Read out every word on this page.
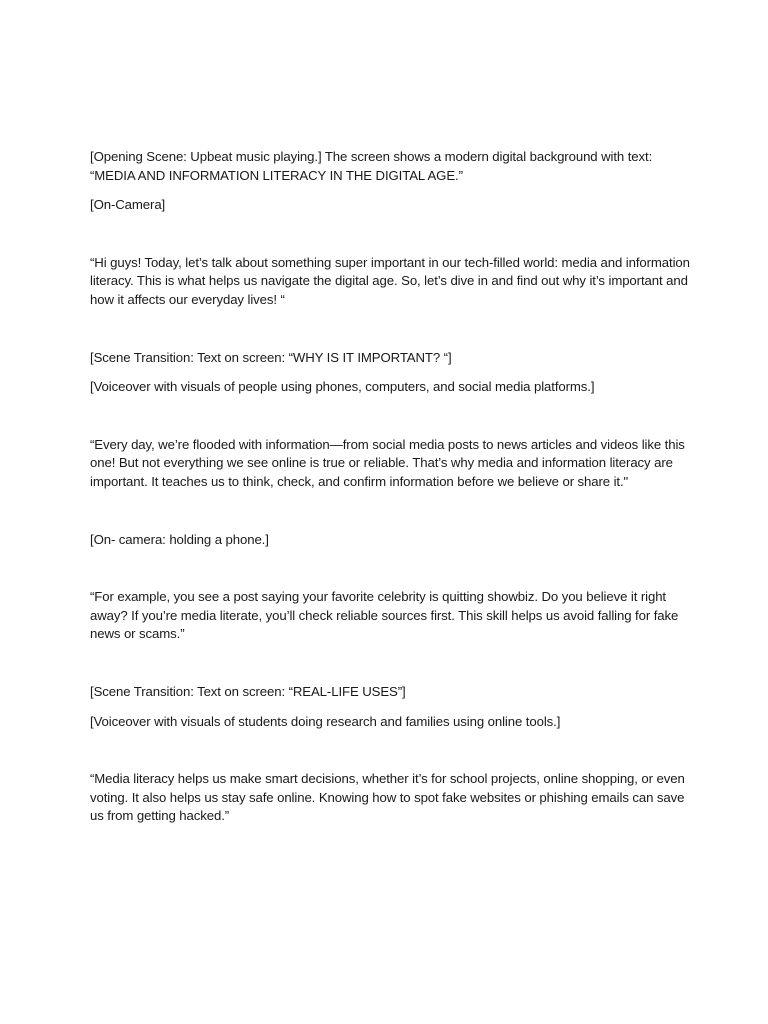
[Opening Scene: Upbeat music playing.] The screen shows a modern digital background with text: “MEDIA AND INFORMATION LITERACY IN THE DIGITAL AGE.”

[On-Camera]

“Hi guys! Today, let’s talk about something super important in our tech-filled world: media and information literacy. This is what helps us navigate the digital age. So, let’s dive in and find out why it’s important and how it affects our everyday lives! “

[Scene Transition: Text on screen: “WHY IS IT IMPORTANT? “]

[Voiceover with visuals of people using phones, computers, and social media platforms.]

“Every day, we’re flooded with information—from social media posts to news articles and videos like this one! But not everything we see online is true or reliable. That’s why media and information literacy are important. It teaches us to think, check, and confirm information before we believe or share it."

[On- camera: holding a phone.]

“For example, you see a post saying your favorite celebrity is quitting showbiz. Do you believe it right away? If you’re media literate, you’ll check reliable sources first. This skill helps us avoid falling for fake news or scams.”

[Scene Transition: Text on screen: “REAL-LIFE USES”]

[Voiceover with visuals of students doing research and families using online tools.]

“Media literacy helps us make smart decisions, whether it’s for school projects, online shopping, or even voting. It also helps us stay safe online. Knowing how to spot fake websites or phishing emails can save us from getting hacked.”
